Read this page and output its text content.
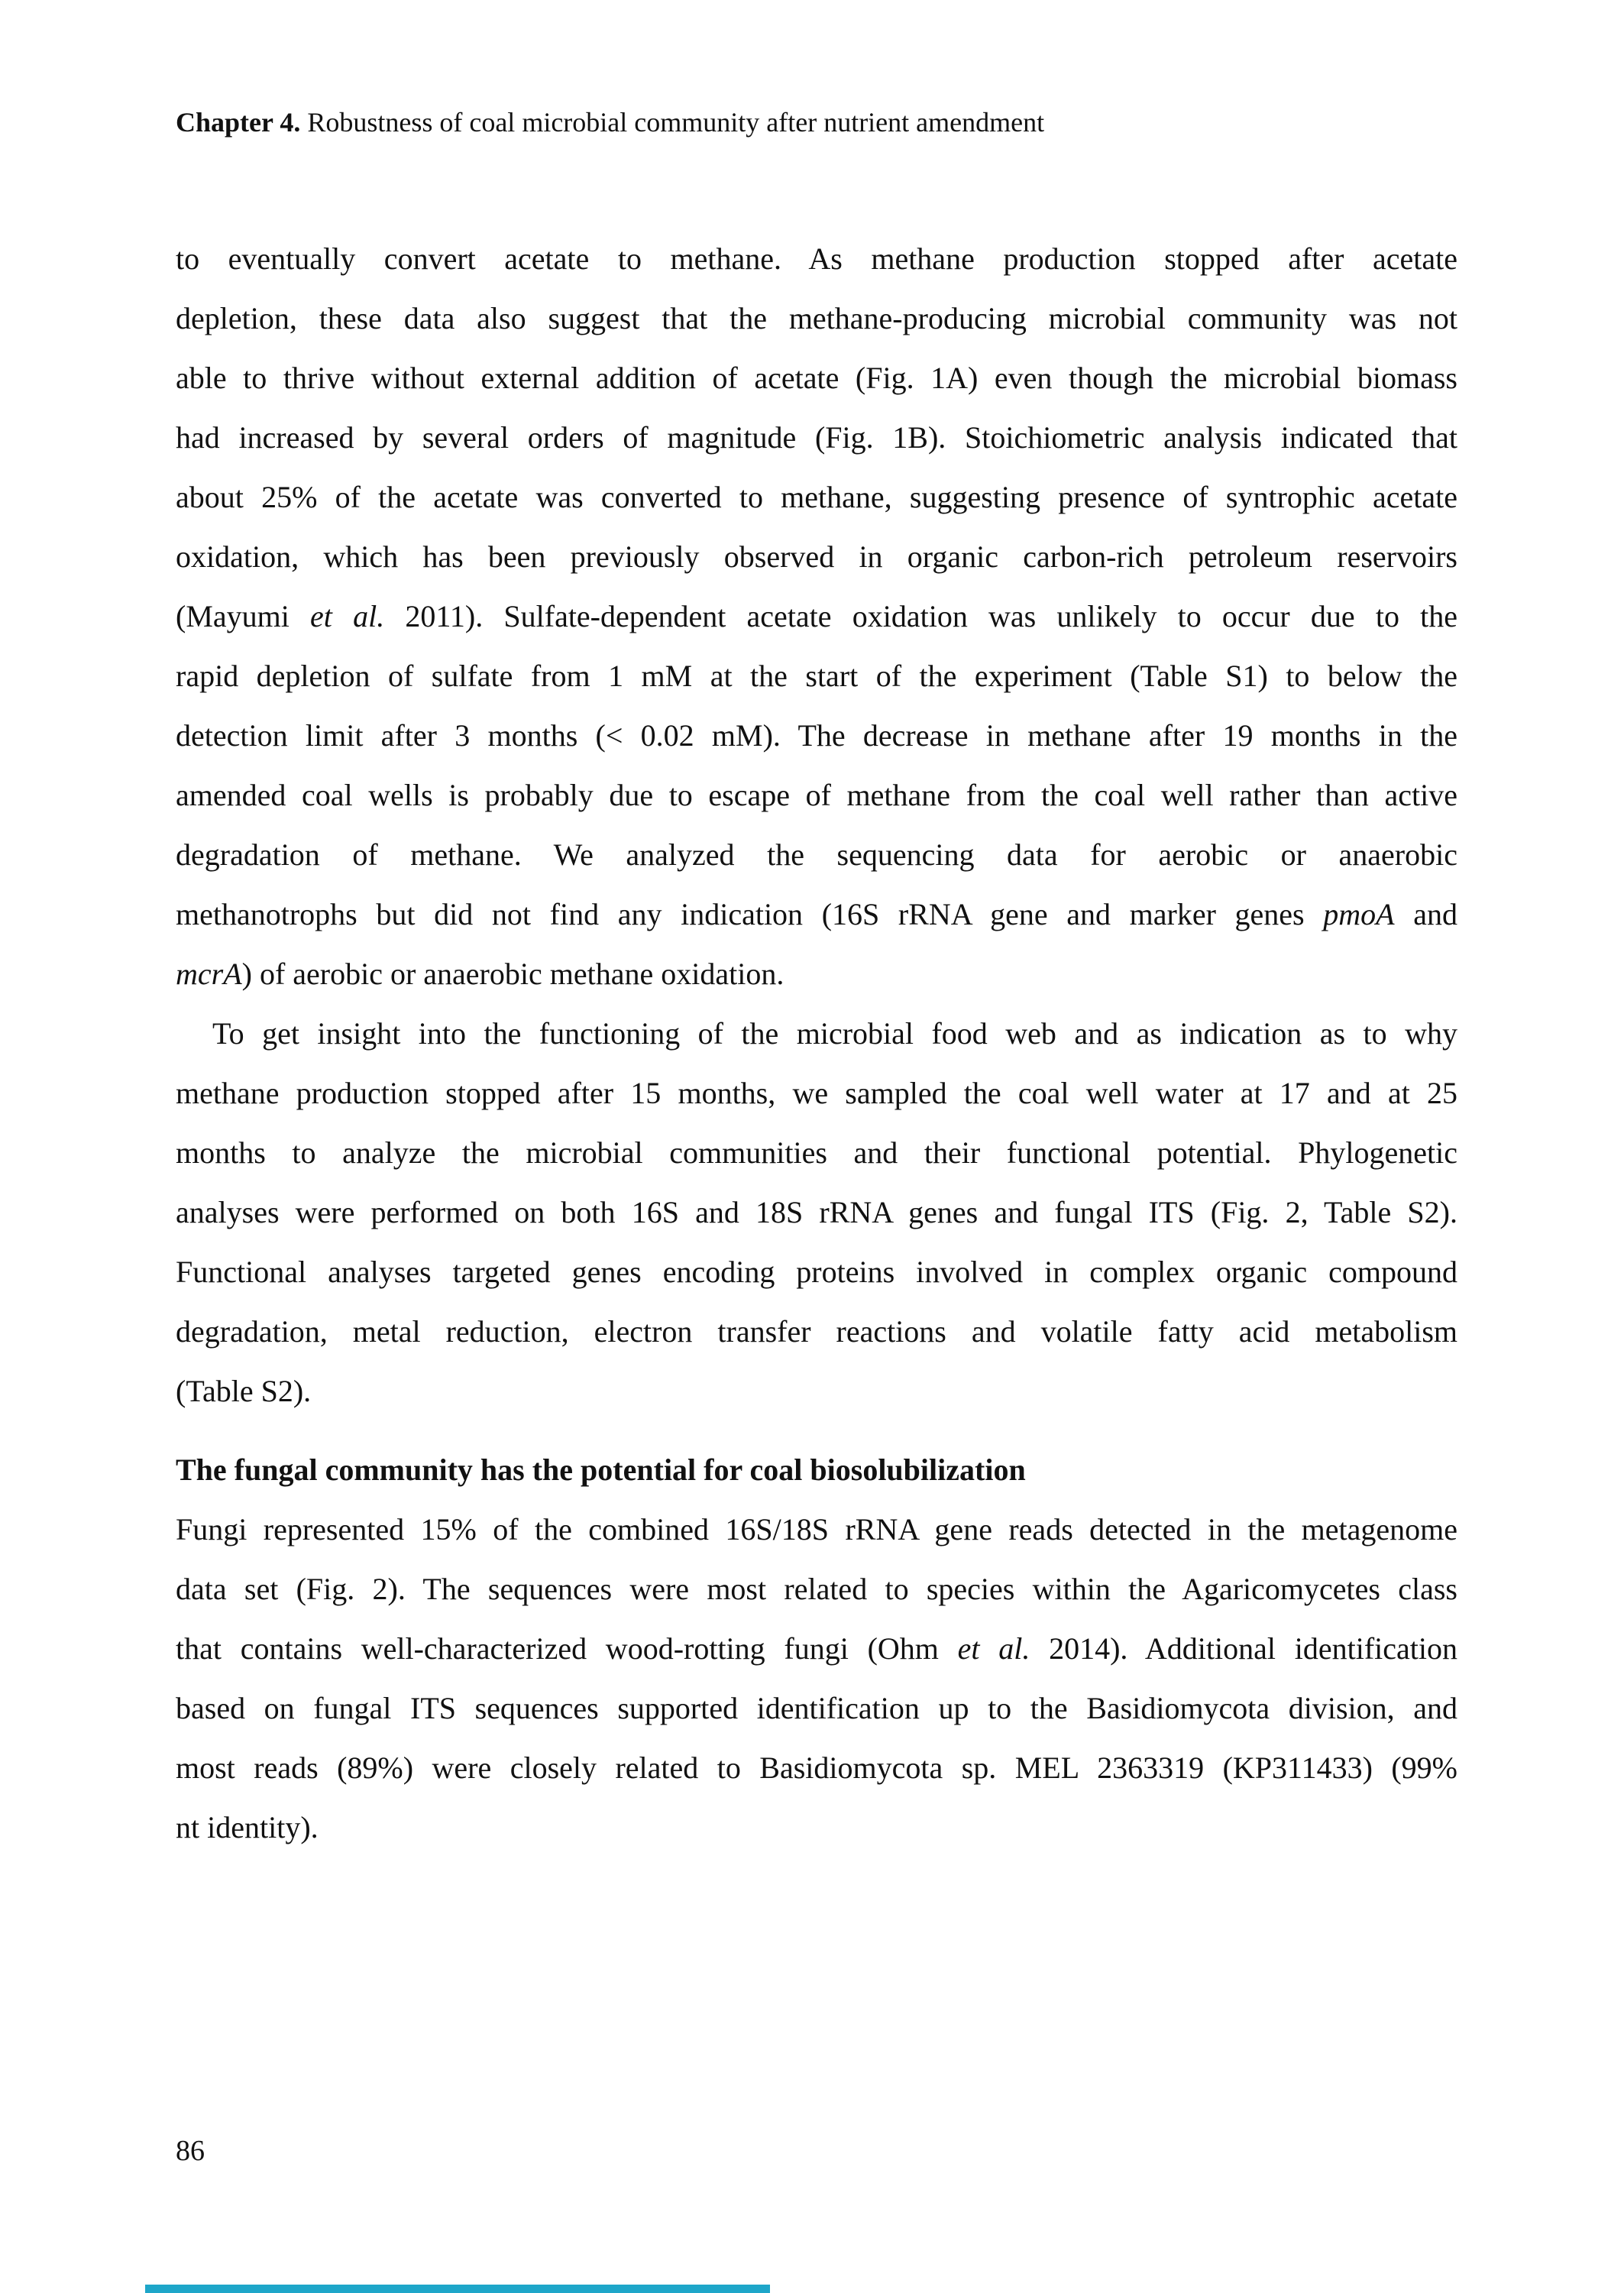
Chapter 4. Robustness of coal microbial community after nutrient amendment
to eventually convert acetate to methane. As methane production stopped after acetate
depletion, these data also suggest that the methane-producing microbial community was not
able to thrive without external addition of acetate (Fig. 1A) even though the microbial biomass
had increased by several orders of magnitude (Fig. 1B). Stoichiometric analysis indicated that
about 25% of the acetate was converted to methane, suggesting presence of syntrophic acetate
oxidation, which has been previously observed in organic carbon-rich petroleum reservoirs
(Mayumi et al. 2011). Sulfate-dependent acetate oxidation was unlikely to occur due to the
rapid depletion of sulfate from 1 mM at the start of the experiment (Table S1) to below the
detection limit after 3 months (< 0.02 mM). The decrease in methane after 19 months in the
amended coal wells is probably due to escape of methane from the coal well rather than active
degradation of methane. We analyzed the sequencing data for aerobic or anaerobic
methanotrophs but did not find any indication (16S rRNA gene and marker genes pmoA and
mcrA) of aerobic or anaerobic methane oxidation.
To get insight into the functioning of the microbial food web and as indication as to why
methane production stopped after 15 months, we sampled the coal well water at 17 and at 25
months to analyze the microbial communities and their functional potential. Phylogenetic
analyses were performed on both 16S and 18S rRNA genes and fungal ITS (Fig. 2, Table S2).
Functional analyses targeted genes encoding proteins involved in complex organic compound
degradation, metal reduction, electron transfer reactions and volatile fatty acid metabolism
(Table S2).
The fungal community has the potential for coal biosolubilization
Fungi represented 15% of the combined 16S/18S rRNA gene reads detected in the metagenome
data set (Fig. 2). The sequences were most related to species within the Agaricomycetes class
that contains well-characterized wood-rotting fungi (Ohm et al. 2014). Additional identification
based on fungal ITS sequences supported identification up to the Basidiomycota division, and
most reads (89%) were closely related to Basidiomycota sp. MEL 2363319 (KP311433) (99%
nt identity).
86
